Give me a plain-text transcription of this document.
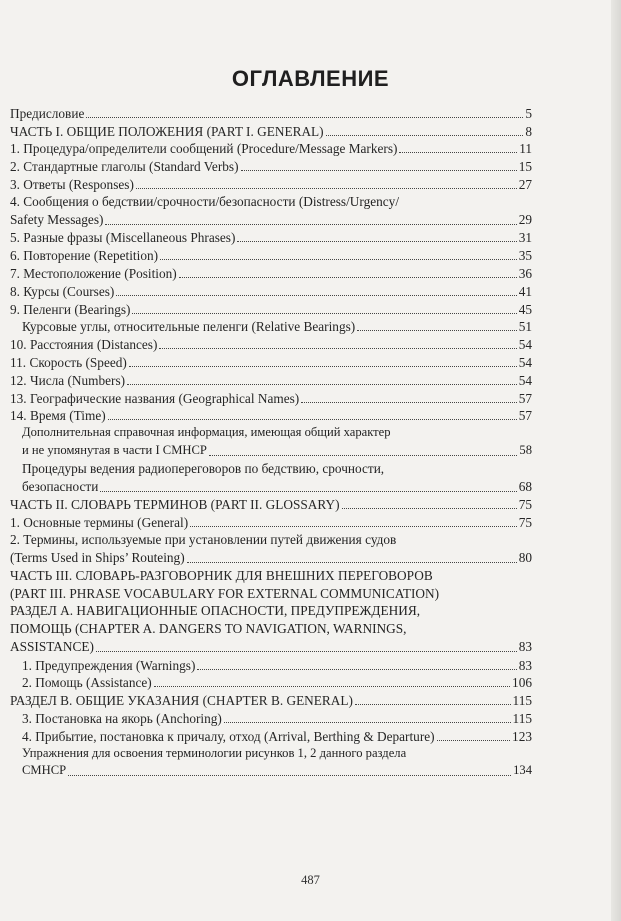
ОГЛАВЛЕНИЕ
Предисловие	5
ЧАСТЬ I. ОБЩИЕ ПОЛОЖЕНИЯ (PART I. GENERAL)	8
1. Процедура/определители сообщений (Procedure/Message Markers)	11
2. Стандартные глаголы (Standard Verbs)	15
3. Ответы (Responses)	27
4. Сообщения о бедствии/срочности/безопасности (Distress/Urgency/
Safety Messages)	29
5. Разные фразы (Miscellaneous Phrases)	31
6. Повторение (Repetition)	35
7. Местоположение (Position)	36
8. Курсы (Courses)	41
9. Пеленги (Bearings)	45
Курсовые углы, относительные пеленги (Relative Bearings)	51
10. Расстояния (Distances)	54
11. Скорость (Speed)	54
12. Числа (Numbers)	54
13. Географические названия (Geographical Names)	57
14. Время (Time)	57
Дополнительная справочная информация, имеющая общий характер
и не упомянутая в части I СМНСР	58
Процедуры ведения радиопереговоров по бедствию, срочности,
безопасности	68
ЧАСТЬ II. СЛОВАРЬ ТЕРМИНОВ (PART II. GLOSSARY)	75
1. Основные термины (General)	75
2. Термины, используемые при установлении путей движения судов
(Terms Used in Ships’ Routeing)	80
ЧАСТЬ III. СЛОВАРЬ-РАЗГОВОРНИК ДЛЯ ВНЕШНИХ ПЕРЕГОВОРОВ
(PART III. PHRASE VOCABULARY FOR EXTERNAL COMMUNICATION)
РАЗДЕЛ А. НАВИГАЦИОННЫЕ ОПАСНОСТИ, ПРЕДУПРЕЖДЕНИЯ,
ПОМОЩЬ (CHAPTER A. DANGERS TO NAVIGATION, WARNINGS,
ASSISTANCE)	83
1. Предупреждения (Warnings)	83
2. Помощь (Assistance)	106
РАЗДЕЛ В. ОБЩИЕ УКАЗАНИЯ (CHAPTER B. GENERAL)	115
3. Постановка на якорь (Anchoring)	115
4. Прибытие, постановка к причалу, отход (Arrival, Berthing & Departure)	123
Упражнения для освоения терминологии рисунков 1, 2 данного раздела
СМНСР	134
487
